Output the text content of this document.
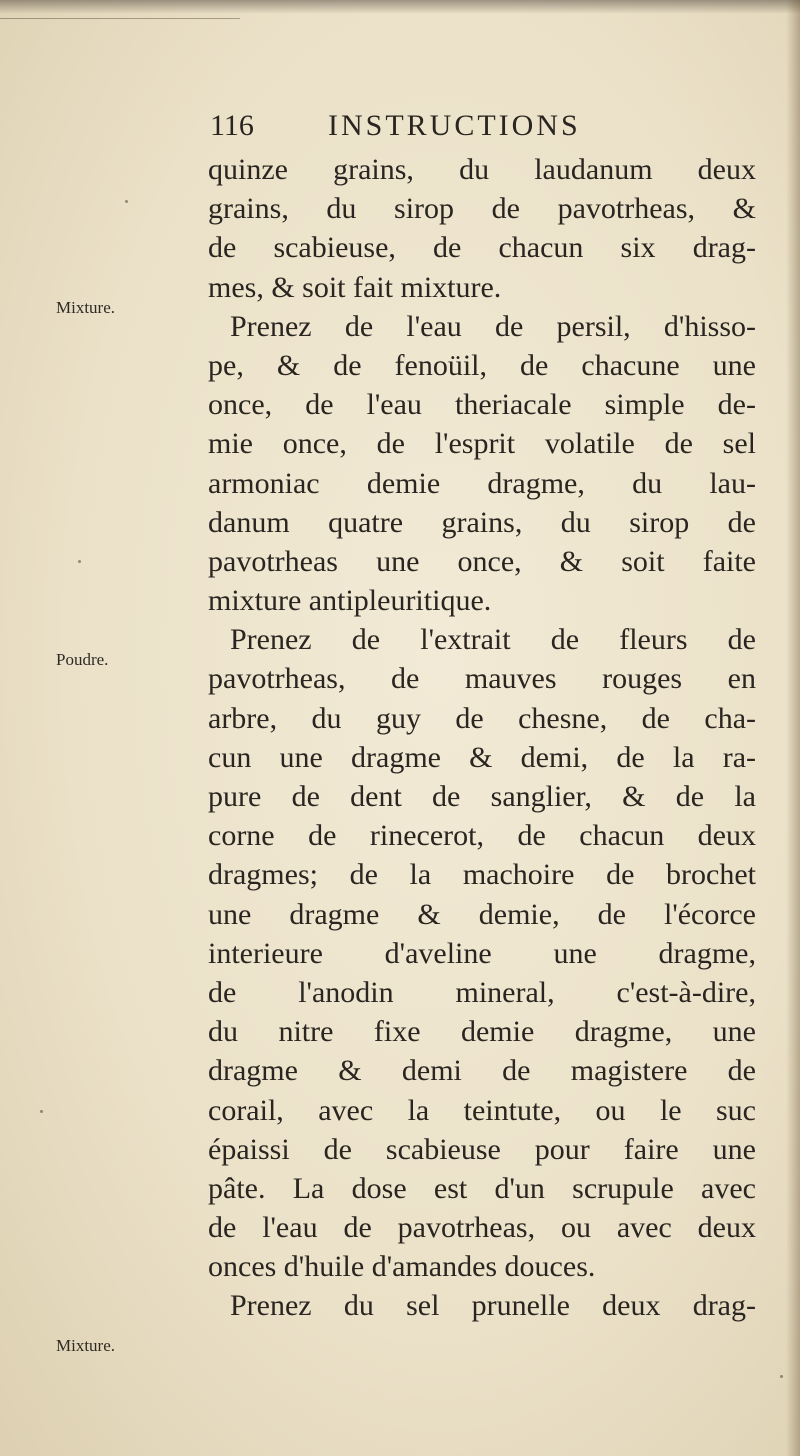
116 INSTRUCTIONS
Mixture.
Poudre.
Mixture.
quinze grains, du laudanum deux
grains, du sirop de pavotrheas, &
de scabieuse, de chacun six drag-
mes, & soit fait mixture.
Prenez de l'eau de persil, d'hisso-
pe, & de fenoüil, de chacune une
once, de l'eau theriacale simple de-
mie once, de l'esprit volatile de sel
armoniac demie dragme, du lau-
danum quatre grains, du sirop de
pavotrheas une once, & soit faite
mixture antipleuritique.
Prenez de l'extrait de fleurs de
pavotrheas, de mauves rouges en
arbre, du guy de chesne, de cha-
cun une dragme & demi, de la ra-
pure de dent de sanglier, & de la
corne de rinecerot, de chacun deux
dragmes; de la machoire de brochet
une dragme & demie, de l'écorce
interieure d'aveline une dragme,
de l'anodin mineral, c'est-à-dire,
du nitre fixe demie dragme, une
dragme & demi de magistere de
corail, avec la teintute, ou le suc
épaissi de scabieuse pour faire une
pâte. La dose est d'un scrupule avec
de l'eau de pavotrheas, ou avec deux
onces d'huile d'amandes douces.
Prenez du sel prunelle deux drag-
